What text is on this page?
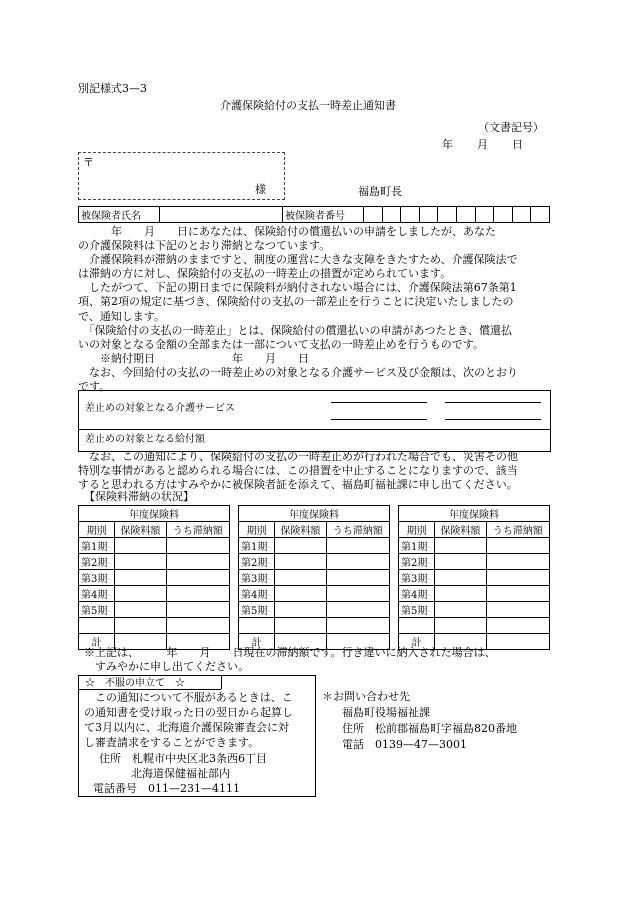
別記様式3—3
介護保険給付の支払一時差止通知書
（文書記号）
年 月 日
〒
様	福島町長
被保険者氏名		被保険者番号										

　　　年　　月　　日にあなたは、保険給付の償還払いの申請をしましたが、あなた

の介護保険料は下記のとおり滞納となつています。

　介護保険料が滞納のままですと、制度の運営に大きな支障をきたすため、介護保険法で

は滞納の方に対し、保険給付の支払の一時差止の措置が定められています。

　したがつて、下記の期日までに保険料が納付されない場合には、介護保険法第67条第1

項、第2項の規定に基づき、保険給付の支払の一部差止を行うことに決定いたしましたの

で、通知します。

　「保険給付の支払の一時差止」とは、保険給付の償還払いの申請があつたとき、償還払

いの対象となる金額の全部または一部について支払の一時差止めを行うものです。

　　※納付期日　　　　　　　年　　月　　日

　なお、今回給付の支払の一時差止めの対象となる介護サービス及び金額は、次のとおり

です。

差止めの対象となる介護サービス
差止めの対象となる給付額

　なお、この通知により、保険給付の支払の一時差止めが行われた場合でも、災害その他

特別な事情があると認められる場合には、この措置を中止することになりますので、該当

すると思われる方はすみやかに被保険者証を添えて、福島町福祉課に申し出てください。

【保険料滞納の状況】
年度保険料		
期別	保険料額	うち滞納額
第1期		
第2期		
第3期		
第4期		
第5期		

計		
年度保険料		
期別	保険料額	うち滞納額
第1期		
第2期		
第3期		
第4期		
第5期		

計		
年度保険料		
期別	保険料額	うち滞納額
第1期		
第2期		
第3期		
第4期		
第5期		

計		

※上記は、　　　年　　月　　日現在の滞納額です。行き違いに納入された場合は、

　すみやかに申し出てください。

☆　不服の申立て　☆
　この通知について不服があるときは、こ
の通知書を受け取った日の翌日から起算し
て3月以内に、北海道介護保険審査会に対
し審査請求をすることができます。
住所　札幌市中央区北3条西6丁目
北海道保健福祉部内
電話番号　011—231—4111
＊お問い合わせ先
福島町役場福祉課
住所　松前郡福島町字福島820番地
電話　0139—47—3001
